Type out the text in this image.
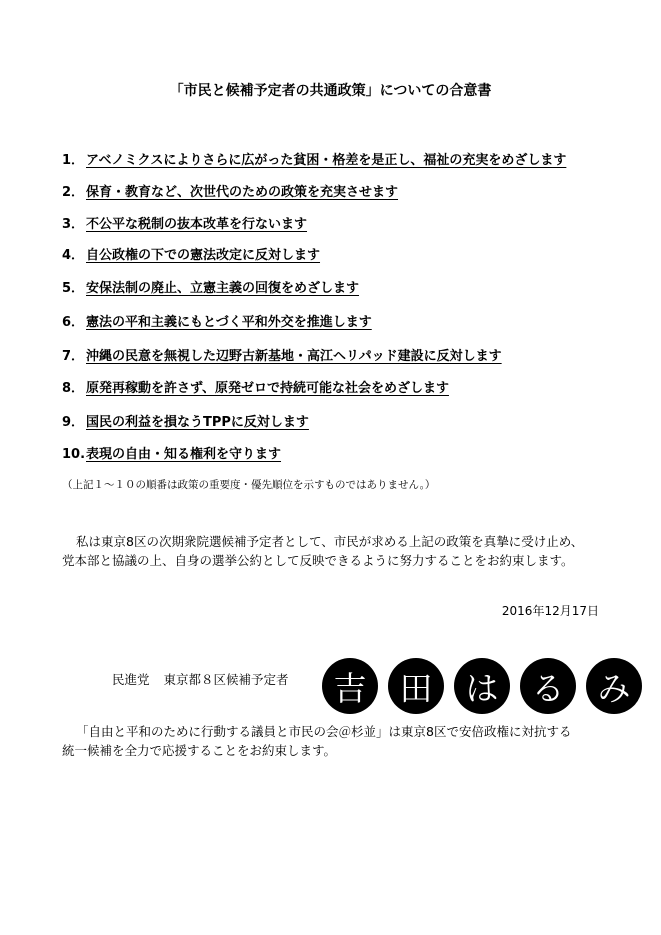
「市民と候補予定者の共通政策」についての合意書
1． アベノミクスによりさらに広がった貧困・格差を是正し、福祉の充実をめざします
2． 保育・教育など、次世代のための政策を充実させます
3． 不公平な税制の抜本改革を行ないます
4． 自公政権の下での憲法改定に反対します
5． 安保法制の廃止、立憲主義の回復をめざします
6． 憲法の平和主義にもとづく平和外交を推進します
7． 沖縄の民意を無視した辺野古新基地・高江ヘリパッド建設に反対します
8． 原発再稼動を許さず、原発ゼロで持続可能な社会をめざします
9． 国民の利益を損なうTPPに反対します
10.表現の自由・知る権利を守ります
（上記１～１０の順番は政策の重要度・優先順位を示すものではありません。）
私は東京8区の次期衆院選候補予定者として、市民が求める上記の政策を真摯に受け止め、
党本部と協議の上、自身の選挙公約として反映できるように努力することをお約束します。
2016年12月17日
民進党 東京都８区候補予定者	吉	田	は	る	み
「自由と平和のために行動する議員と市民の会＠杉並」は東京8区で安倍政権に対抗する
統一候補を全力で応援することをお約束します。
